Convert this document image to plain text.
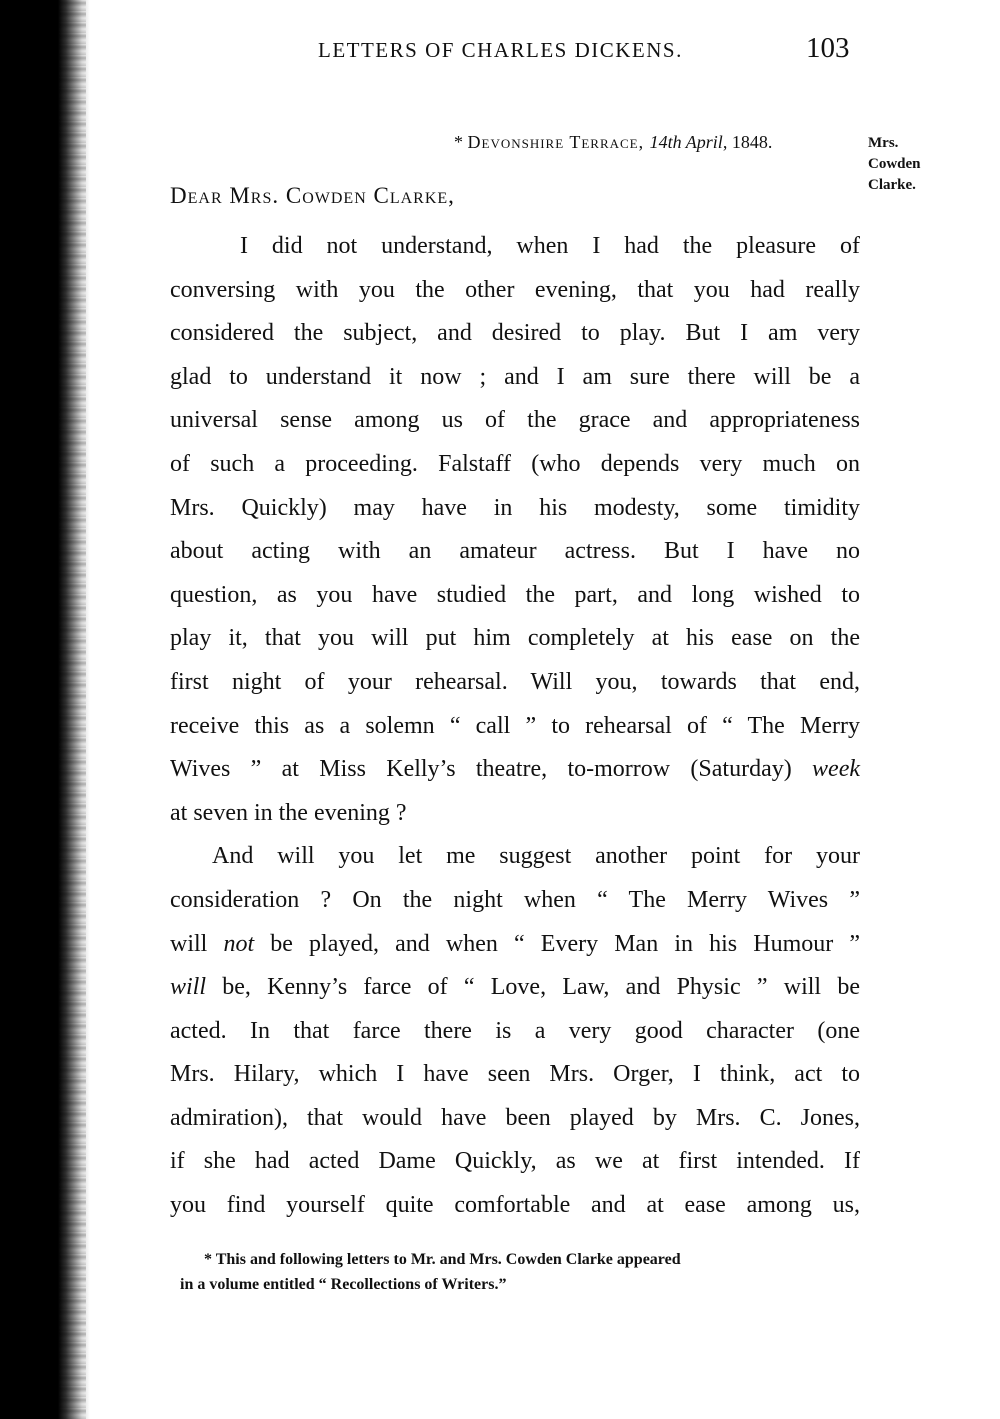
LETTERS OF CHARLES DICKENS.	103
* Devonshire Terrace, 14th April, 1848.	Mrs.
Cowden
Clarke.
Dear Mrs. Cowden Clarke,
I did not understand, when I had the pleasure of
conversing with you the other evening, that you had really
considered the subject, and desired to play. But I am very
glad to understand it now ; and I am sure there will be a
universal sense among us of the grace and appropriateness
of such a proceeding. Falstaff (who depends very much on
Mrs. Quickly) may have in his modesty, some timidity
about acting with an amateur actress. But I have no
question, as you have studied the part, and long wished to
play it, that you will put him completely at his ease on the
first night of your rehearsal. Will you, towards that end,
receive this as a solemn “ call ” to rehearsal of “ The Merry
Wives ” at Miss Kelly’s theatre, to-morrow (Saturday) week
at seven in the evening ?
And will you let me suggest another point for your
consideration ? On the night when “ The Merry Wives ”
will not be played, and when “ Every Man in his Humour ”
will be, Kenny’s farce of “ Love, Law, and Physic ” will be
acted. In that farce there is a very good character (one
Mrs. Hilary, which I have seen Mrs. Orger, I think, act to
admiration), that would have been played by Mrs. C. Jones,
if she had acted Dame Quickly, as we at first intended. If
you find yourself quite comfortable and at ease among us,
* This and following letters to Mr. and Mrs. Cowden Clarke appeared
in a volume entitled “ Recollections of Writers.”
